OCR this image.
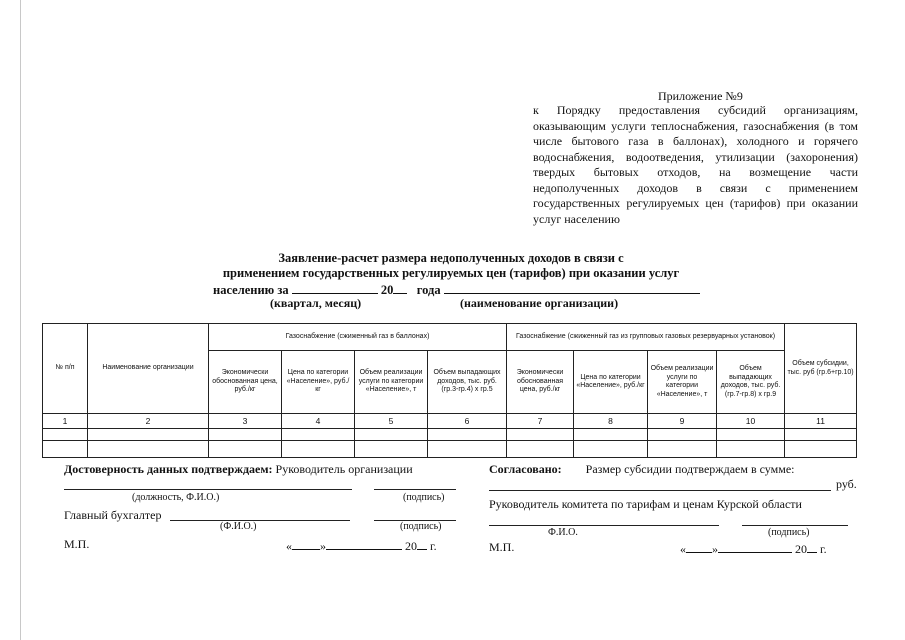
Приложение №9
к Порядку предоставления субсидий организациям, оказывающим услуги теплоснабжения, газоснабжения (в том числе бытового газа в баллонах), холодного и горячего водоснабжения, водоотведения, утилизации (захоронения) твердых бытовых отходов, на возмещение части недополученных доходов в связи с применением государственных регулируемых цен (тарифов) при оказании услуг населению
Заявление-расчет размера недополученных доходов в связи с
применением государственных регулируемых цен (тарифов) при оказании услуг
населению за	20 года
(квартал, месяц)	(наименование организации)
№ п/п	Наименование организации	Газоснабжение (сжиженный газ в баллонах)				Газоснабжение (сжиженный газ из групповых газовых резервуарных установок)				Объем субсидии, тыс. руб (гр.6+гр.10)
		Экономически обоснованная цена, руб./кг	Цена по категории «Население», руб./кг	Объем реализации услуги по категории «Население», т	Объем выпадающих доходов, тыс. руб. (гр.3-гр.4) х гр.5	Экономически обоснованная цена, руб./кг	Цена по категории «Население», руб./кг	Объем реализации услуги по категории «Население», т	Объем выпадающих доходов, тыс. руб.(гр.7-гр.8) х гр.9	
1	2	3	4	5	6	7	8	9	10	11

Достоверность данных подтверждаем: Руководитель организации
(должность, Ф.И.О.)	(подпись)
Главный бухгалтер
(Ф.И.О.)	(подпись)
М.П.	« »	20 г.
Согласовано: Размер субсидии подтверждаем в сумме:
руб.
Руководитель комитета по тарифам и ценам Курской области
Ф.И.О.	(подпись)
М.П.	« »	20 г.
